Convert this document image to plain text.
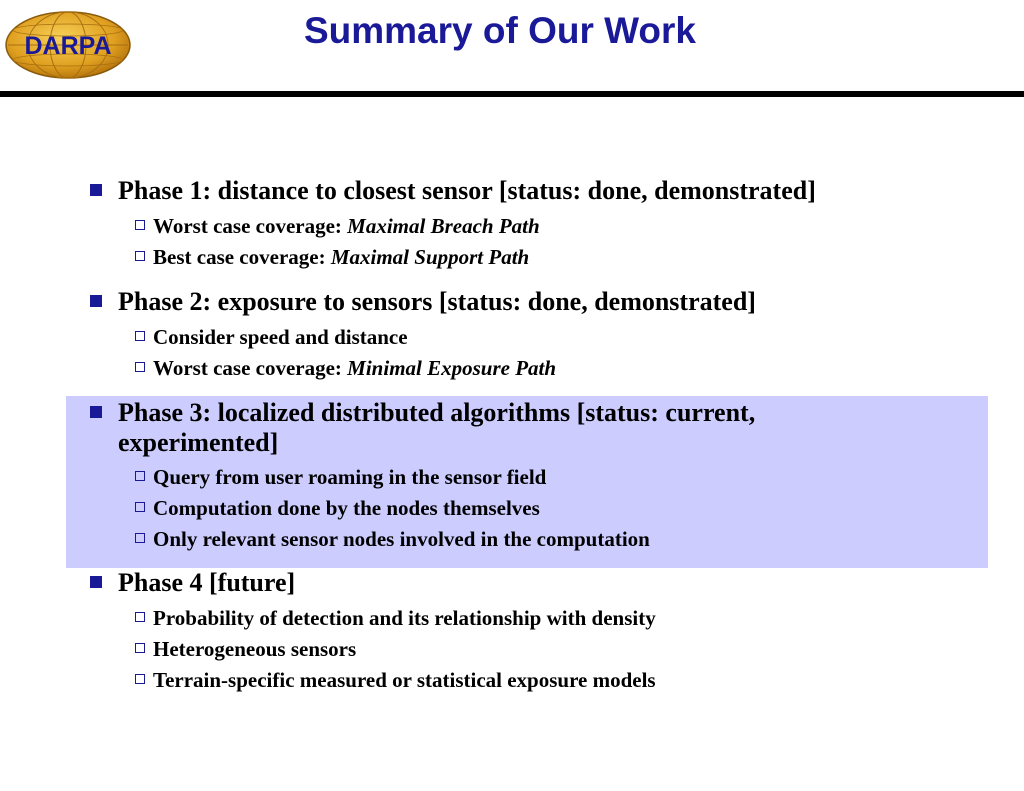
DARPA	Summary of Our Work
Phase 1: distance to closest sensor [status: done, demonstrated]
Worst case coverage: Maximal Breach Path
Best case coverage: Maximal Support Path
Phase 2: exposure to sensors [status: done, demonstrated]
Consider speed and distance
Worst case coverage: Minimal Exposure Path
Phase 3: localized distributed algorithms [status: current,
experimented]
Query from user roaming in the sensor field
Computation done by the nodes themselves
Only relevant sensor nodes involved in the computation
Phase 4 [future]
Probability of detection and its relationship with density
Heterogeneous sensors
Terrain-specific measured or statistical exposure models
